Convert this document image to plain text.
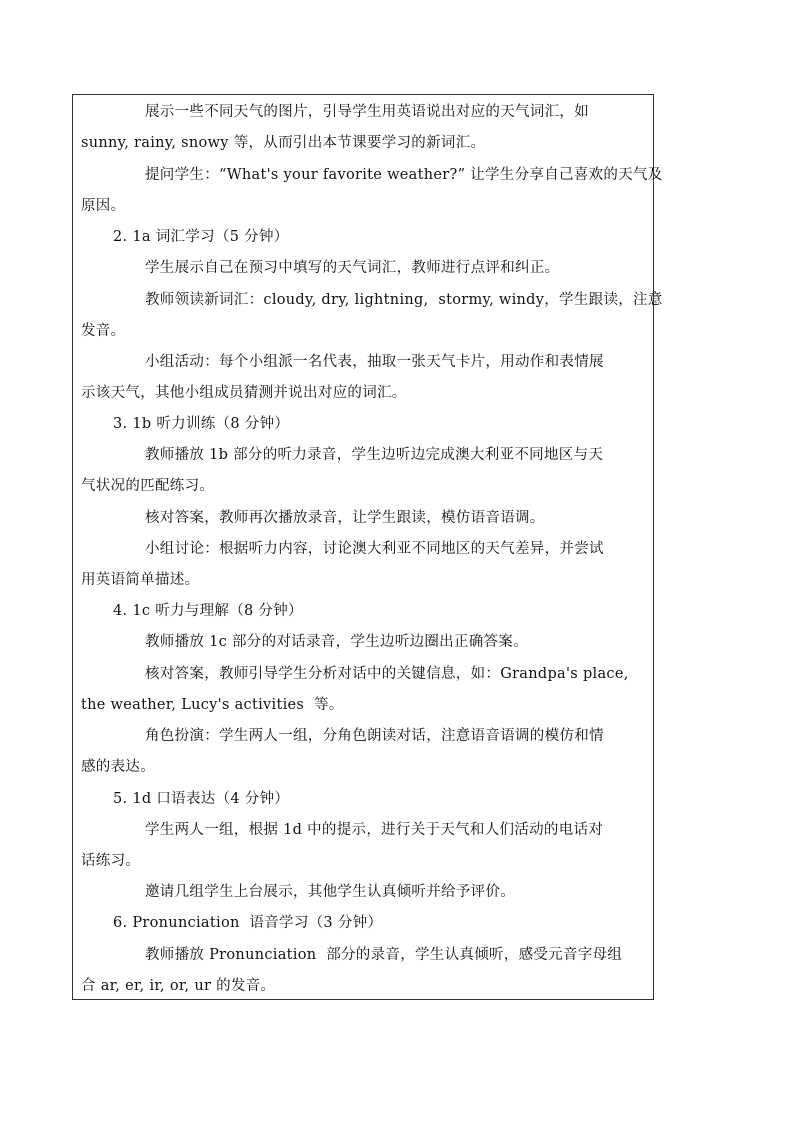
展示一些不同天气的图片，引导学生用英语说出对应的天气词汇，如
sunny, rainy, snowy 等，从而引出本节课要学习的新词汇。
提问学生：“What's your favorite weather?” 让学生分享自己喜欢的天气及
原因。
2. 1a 词汇学习（5 分钟）
学生展示自己在预习中填写的天气词汇，教师进行点评和纠正。
教师领读新词汇：cloudy, dry, lightning,  stormy, windy，学生跟读，注意
发音。
小组活动：每个小组派一名代表，抽取一张天气卡片，用动作和表情展
示该天气，其他小组成员猜测并说出对应的词汇。
3. 1b 听力训练（8 分钟）
教师播放 1b 部分的听力录音，学生边听边完成澳大利亚不同地区与天
气状况的匹配练习。
核对答案，教师再次播放录音，让学生跟读，模仿语音语调。
小组讨论：根据听力内容，讨论澳大利亚不同地区的天气差异，并尝试
用英语简单描述。
4. 1c 听力与理解（8 分钟）
教师播放 1c 部分的对话录音，学生边听边圈出正确答案。
核对答案，教师引导学生分析对话中的关键信息，如：Grandpa's place,
the weather, Lucy's activities  等。
角色扮演：学生两人一组，分角色朗读对话，注意语音语调的模仿和情
感的表达。
5. 1d 口语表达（4 分钟）
学生两人一组，根据 1d 中的提示，进行关于天气和人们活动的电话对
话练习。
邀请几组学生上台展示，其他学生认真倾听并给予评价。
6. Pronunciation  语音学习（3 分钟）
教师播放 Pronunciation  部分的录音，学生认真倾听，感受元音字母组
合 ar, er, ir, or, ur 的发音。
